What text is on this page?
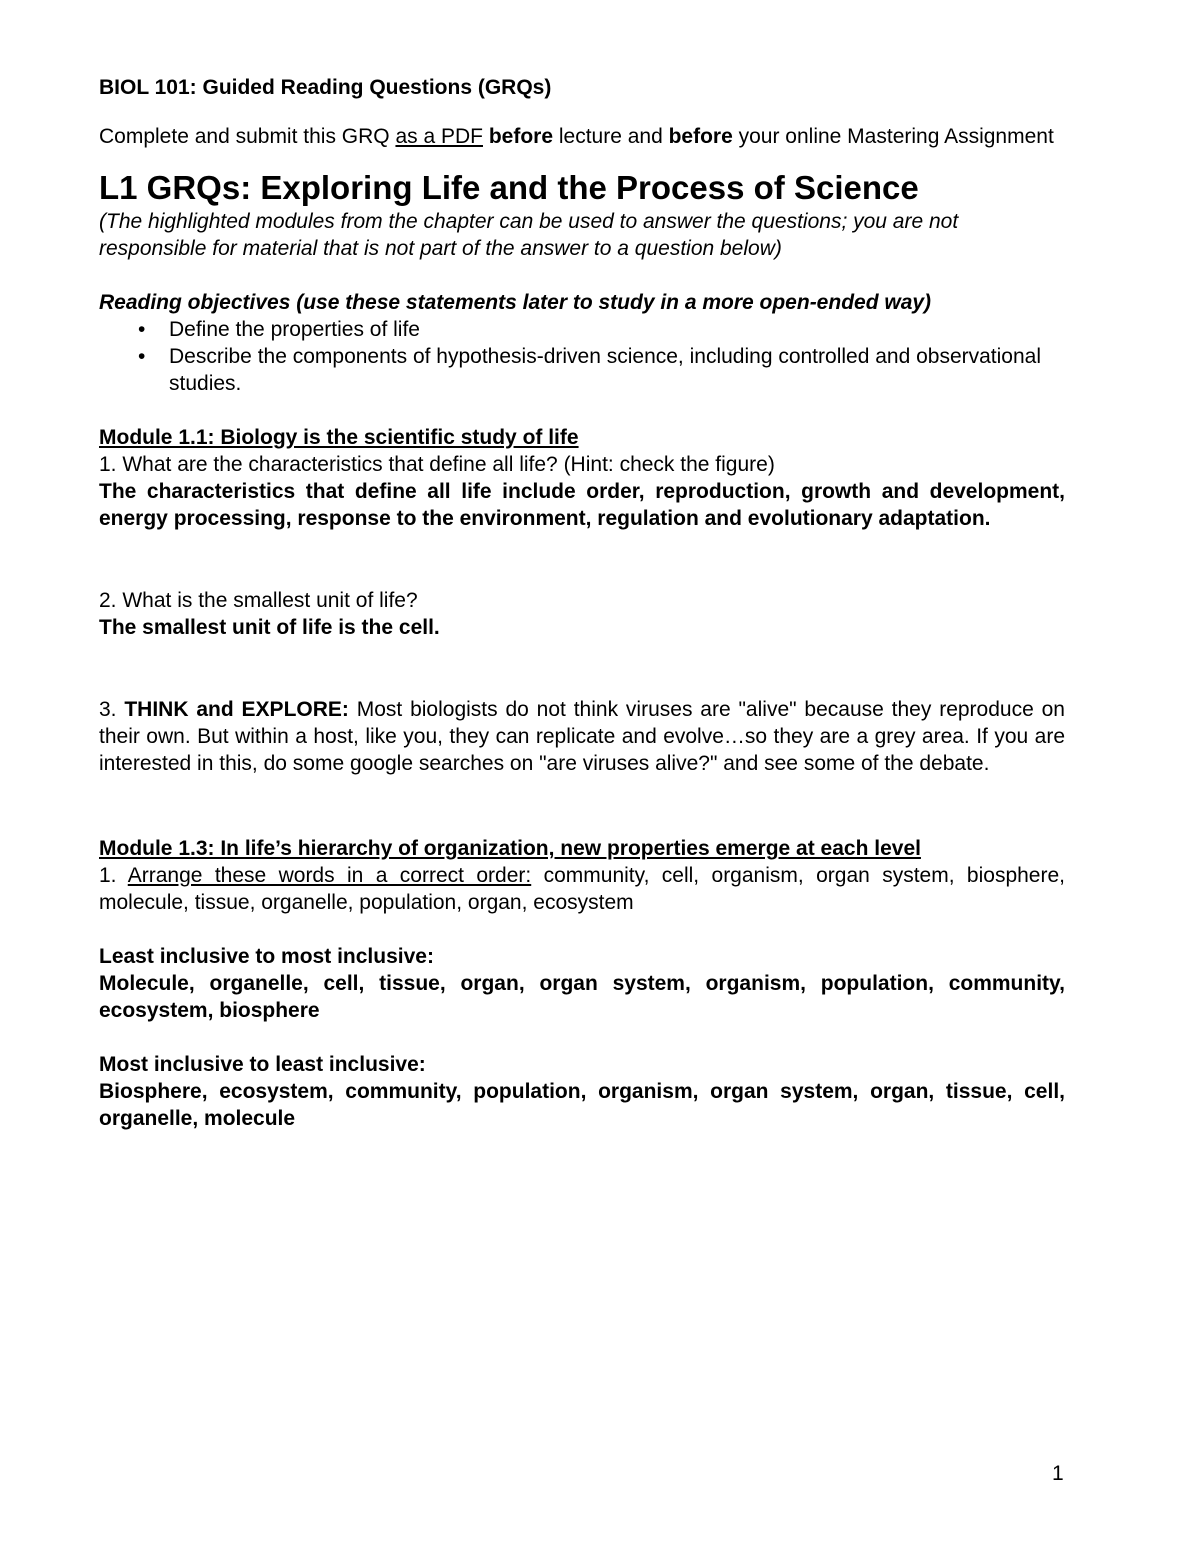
BIOL 101: Guided Reading Questions (GRQs)

Complete and submit this GRQ as a PDF before lecture and before your online Mastering Assignment

L1 GRQs: Exploring Life and the Process of Science

(The highlighted modules from the chapter can be used to answer the questions; you are not responsible for material that is not part of the answer to a question below)

Reading objectives (use these statements later to study in a more open-ended way)

• Define the properties of life
• Describe the components of hypothesis-driven science, including controlled and observational studies.

Module 1.1: Biology is the scientific study of life

1. What are the characteristics that define all life? (Hint: check the figure)

The characteristics that define all life include order, reproduction, growth and development, energy processing, response to the environment, regulation and evolutionary adaptation.

2. What is the smallest unit of life?

The smallest unit of life is the cell.

3. THINK and EXPLORE: Most biologists do not think viruses are "alive" because they reproduce on their own. But within a host, like you, they can replicate and evolve…so they are a grey area. If you are interested in this, do some google searches on "are viruses alive?" and see some of the debate.

Module 1.3: In life’s hierarchy of organization, new properties emerge at each level

1. Arrange these words in a correct order: community, cell, organism, organ system, biosphere, molecule, tissue, organelle, population, organ, ecosystem

Least inclusive to most inclusive:

Molecule, organelle, cell, tissue, organ, organ system, organism, population, community, ecosystem, biosphere

Most inclusive to least inclusive:

Biosphere, ecosystem, community, population, organism, organ system, organ, tissue, cell, organelle, molecule

1
